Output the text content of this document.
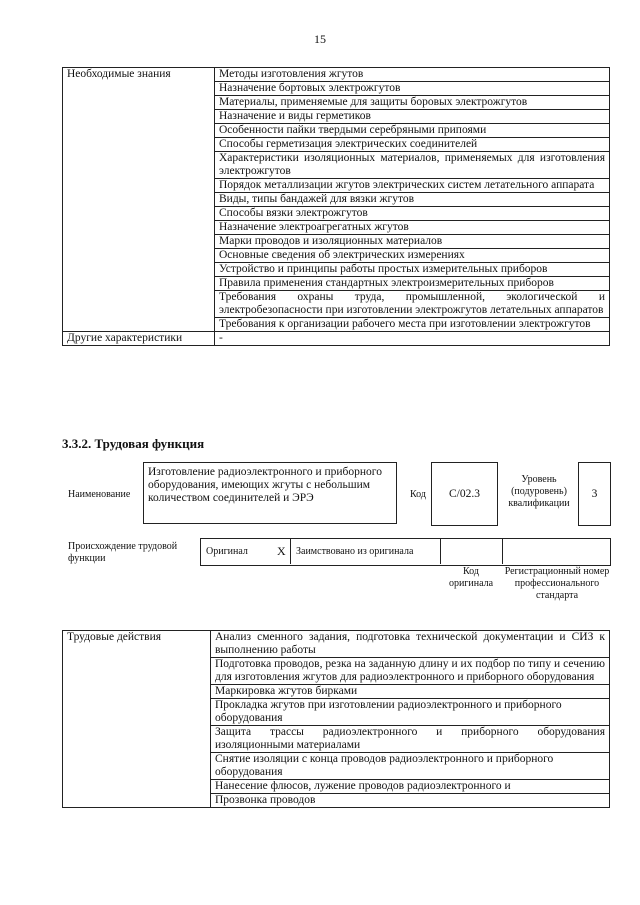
15
Необходимые знания	Методы изготовления жгутов
	Назначение бортовых электрожгутов
	Материалы, применяемые для защиты боровых электрожгутов
	Назначение и виды герметиков
	Особенности пайки твердыми серебряными припоями
	Способы герметизация электрических соединителей
	Характеристики изоляционных материалов, применяемых для изготовления электрожгутов
	Порядок металлизации жгутов электрических систем летательного аппарата
	Виды, типы бандажей для вязки жгутов
	Способы вязки электрожгутов
	Назначение электроагрегатных жгутов
	Марки проводов и изоляционных материалов
	Основные сведения об электрических измерениях
	Устройство и принципы работы простых измерительных приборов
	Правила применения стандартных электроизмерительных приборов
	Требования охраны труда, промышленной, экологической и электробезопасности при изготовлении электрожгутов летательных аппаратов
	Требования к организации рабочего места при изготовлении электрожгутов
Другие характеристики	-
3.3.2. Трудовая функция
Наименование
Изготовление радиоэлектронного и приборного оборудования, имеющих жгуты с небольшим количеством соединителей и ЭРЭ	Код C/02.3
Уровень (подуровень) квалификации
3
Происхождение трудовой функции
Оригинал X Заимствовано из оригинала
Код оригинала
Регистрационный номер профессионального стандарта
Трудовые действия	Анализ сменного задания, подготовка технической документации и СИЗ к выполнению работы
Подготовка проводов, резка на заданную длину и их подбор по типу и сечению для изготовления жгутов для радиоэлектронного и приборного оборудования
Маркировка жгутов бирками
Прокладка жгутов при изготовлении радиоэлектронного и приборного оборудования
Защита трассы радиоэлектронного и приборного оборудования изоляционными материалами
Снятие изоляции с конца проводов радиоэлектронного и приборного оборудования
Нанесение флюсов, лужение проводов радиоэлектронного и
Прозвонка проводов
